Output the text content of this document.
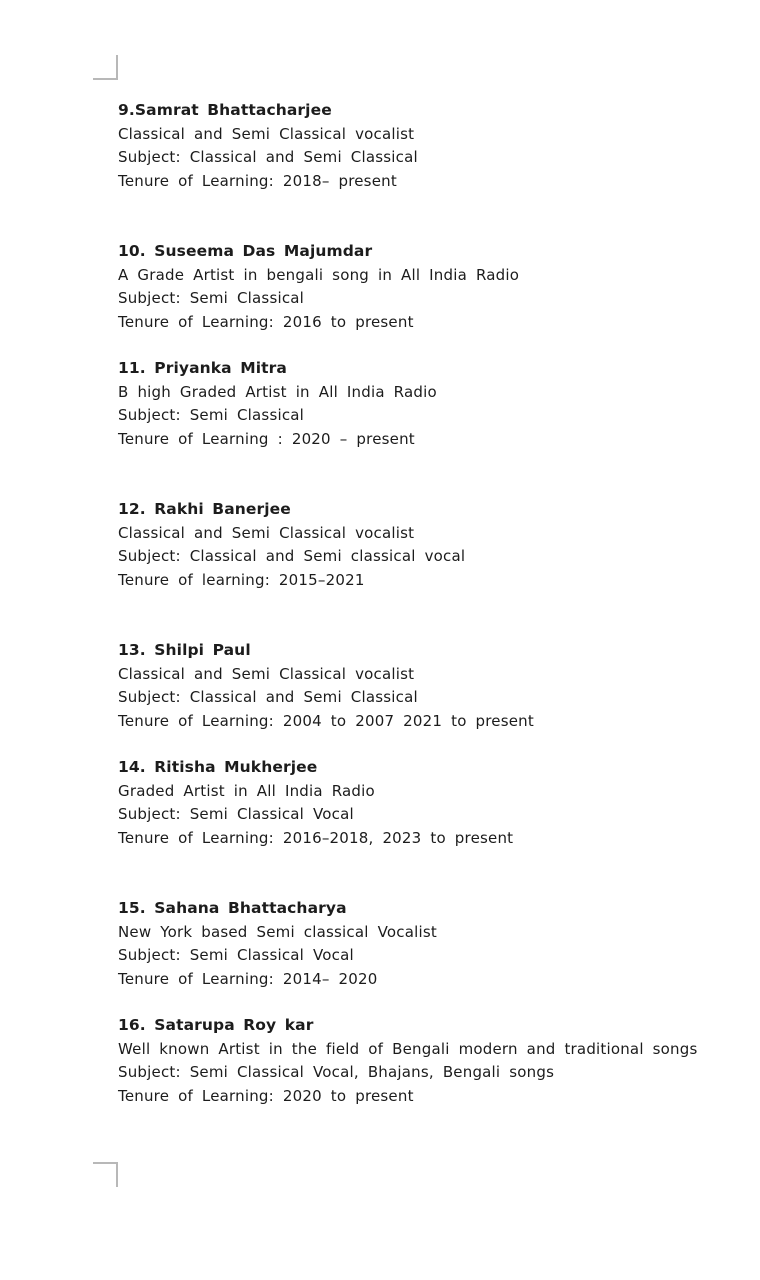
9.Samrat Bhattacharjee

Classical and Semi Classical vocalist

Subject: Classical and Semi Classical

Tenure of Learning: 2018– present

10. Suseema Das Majumdar

A Grade Artist in bengali song in All India Radio

Subject: Semi Classical

Tenure of Learning: 2016 to present

11. Priyanka Mitra

B high Graded Artist in All India Radio

Subject: Semi Classical

Tenure of Learning : 2020 – present

12. Rakhi Banerjee

Classical and Semi Classical vocalist

Subject: Classical and Semi classical vocal

Tenure of learning: 2015–2021

13. Shilpi Paul

Classical and Semi Classical vocalist

Subject: Classical and Semi Classical

Tenure of Learning: 2004 to 2007 2021 to present

14. Ritisha Mukherjee

Graded Artist in All India Radio

Subject: Semi Classical Vocal

Tenure of Learning: 2016–2018, 2023 to present

15. Sahana Bhattacharya

New York based Semi classical Vocalist

Subject: Semi Classical Vocal

Tenure of Learning: 2014– 2020

16. Satarupa Roy kar

Well known Artist in the field of Bengali modern and traditional songs

Subject: Semi Classical Vocal, Bhajans, Bengali songs

Tenure of Learning: 2020 to present
